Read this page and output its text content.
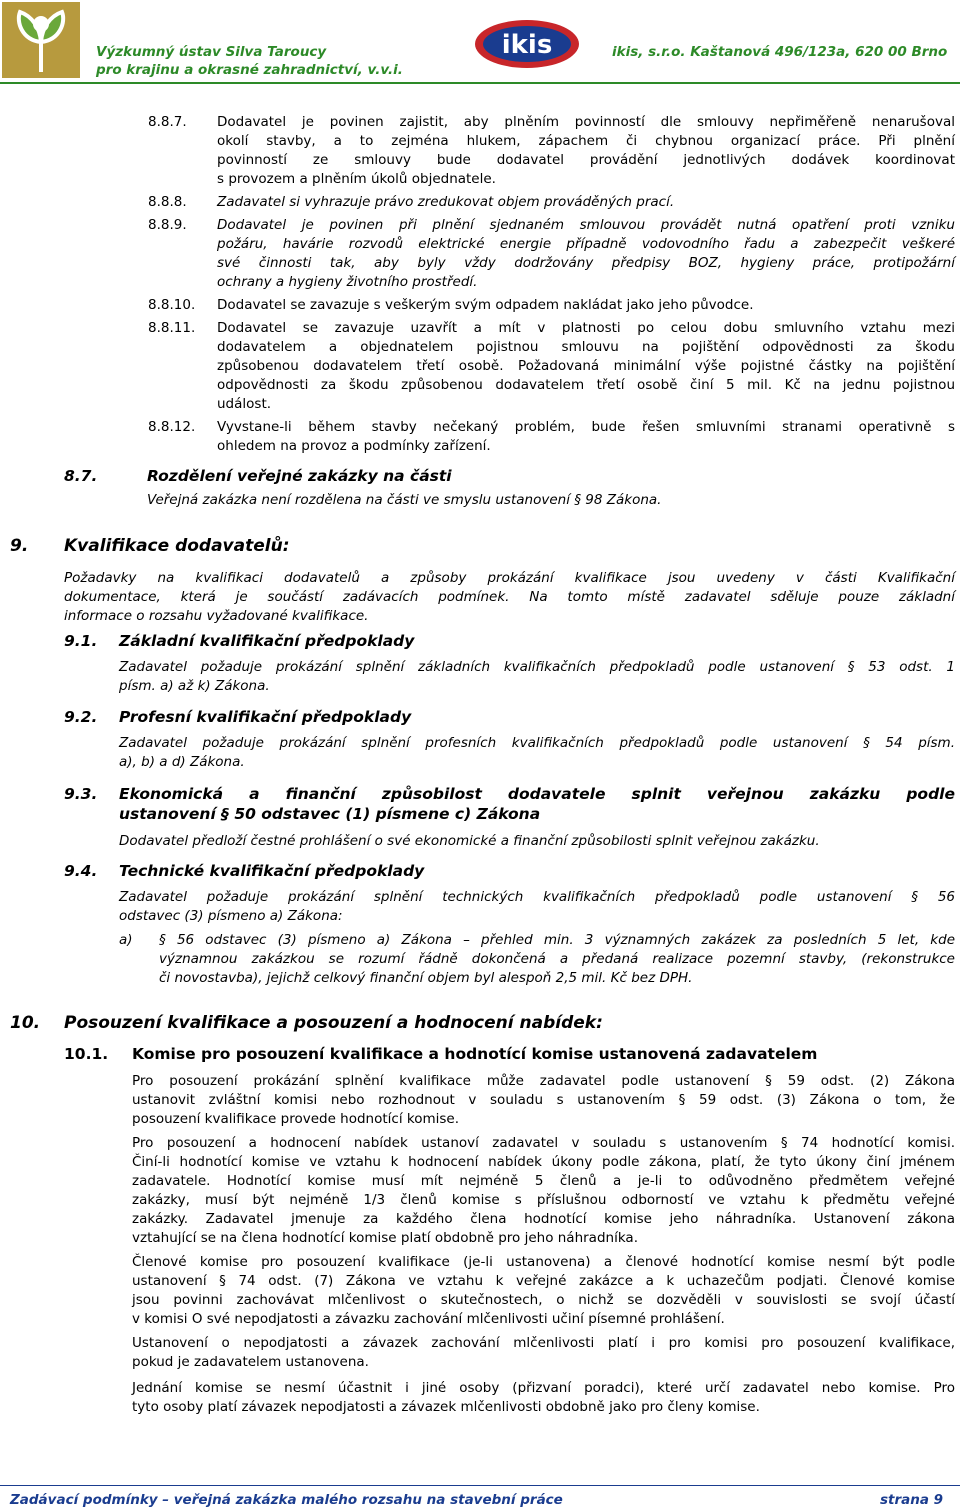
Výzkumný ústav Silva Taroucy
pro krajinu a okrasné zahradnictví, v.v.i.
ikis	ikis, s.r.o. Kaštanová 496/123a, 620 00 Brno
8.8.7. Dodavatel je povinen zajistit, aby plněním povinností dle smlouvy nepřiměřeně nenarušoval
okolí stavby, a to zejména hlukem, zápachem či chybnou organizací práce. Při plnění
povinností ze smlouvy bude dodavatel provádění jednotlivých dodávek koordinovat
s provozem a plněním úkolů objednatele.
8.8.8. Zadavatel si vyhrazuje právo zredukovat objem prováděných prací.
8.8.9. Dodavatel je povinen při plnění sjednaném smlouvou provádět nutná opatření proti vzniku
požáru, havárie rozvodů elektrické energie případně vodovodního řadu a zabezpečit veškeré
své činnosti tak, aby byly vždy dodržovány předpisy BOZ, hygieny práce, protipožární
ochrany a hygieny životního prostředí.
8.8.10. Dodavatel se zavazuje s veškerým svým odpadem nakládat jako jeho původce.
8.8.11. Dodavatel se zavazuje uzavřít a mít v platnosti po celou dobu smluvního vztahu mezi
dodavatelem a objednatelem pojistnou smlouvu na pojištění odpovědnosti za škodu
způsobenou dodavatelem třetí osobě. Požadovaná minimální výše pojistné částky na pojištění
odpovědnosti za škodu způsobenou dodavatelem třetí osobě činí 5 mil. Kč na jednu pojistnou
událost.
8.8.12. Vyvstane-li během stavby nečekaný problém, bude řešen smluvními stranami operativně s
ohledem na provoz a podmínky zařízení.
8.7.	Rozdělení veřejné zakázky na části
Veřejná zakázka není rozdělena na části ve smyslu ustanovení § 98 Zákona.
9. Kvalifikace dodavatelů:
Požadavky na kvalifikaci dodavatelů a způsoby prokázání kvalifikace jsou uvedeny v části Kvalifikační
dokumentace, která je součástí zadávacích podmínek. Na tomto místě zadavatel sděluje pouze základní
informace o rozsahu vyžadované kvalifikace.
9.1. Základní kvalifikační předpoklady
Zadavatel požaduje prokázání splnění základních kvalifikačních předpokladů podle ustanovení § 53 odst. 1
písm. a) až k) Zákona.
9.2. Profesní kvalifikační předpoklady
Zadavatel požaduje prokázání splnění profesních kvalifikačních předpokladů podle ustanovení § 54 písm.
a), b) a d) Zákona.
9.3. Ekonomická a finanční způsobilost dodavatele splnit veřejnou zakázku podle
ustanovení § 50 odstavec (1) písmene c) Zákona
Dodavatel předloží čestné prohlášení o své ekonomické a finanční způsobilosti splnit veřejnou zakázku.
9.4. Technické kvalifikační předpoklady
Zadavatel požaduje prokázání splnění technických kvalifikačních předpokladů podle ustanovení § 56
odstavec (3) písmeno a) Zákona:
a) § 56 odstavec (3) písmeno a) Zákona – přehled min. 3 významných zakázek za posledních 5 let, kde
významnou zakázkou se rozumí řádně dokončená a předaná realizace pozemní stavby, (rekonstrukce
či novostavba), jejichž celkový finanční objem byl alespoň 2,5 mil. Kč bez DPH.
10. Posouzení kvalifikace a posouzení a hodnocení nabídek:
10.1. Komise pro posouzení kvalifikace a hodnotící komise ustanovená zadavatelem
Pro posouzení prokázání splnění kvalifikace může zadavatel podle ustanovení § 59 odst. (2) Zákona
ustanovit zvláštní komisi nebo rozhodnout v souladu s ustanovením § 59 odst. (3) Zákona o tom, že
posouzení kvalifikace provede hodnotící komise.
Pro posouzení a hodnocení nabídek ustanoví zadavatel v souladu s ustanovením § 74 hodnotící komisi.
Činí-li hodnotící komise ve vztahu k hodnocení nabídek úkony podle zákona, platí, že tyto úkony činí jménem
zadavatele. Hodnotící komise musí mít nejméně 5 členů a je-li to odůvodněno předmětem veřejné
zakázky, musí být nejméně 1/3 členů komise s příslušnou odborností ve vztahu k předmětu veřejné
zakázky. Zadavatel jmenuje za každého člena hodnotící komise jeho náhradníka. Ustanovení zákona
vztahující se na člena hodnotící komise platí obdobně pro jeho náhradníka.
Členové komise pro posouzení kvalifikace (je-li ustanovena) a členové hodnotící komise nesmí být podle
ustanovení § 74 odst. (7) Zákona ve vztahu k veřejné zakázce a k uchazečům podjati. Členové komise
jsou povinni zachovávat mlčenlivost o skutečnostech, o nichž se dozvěděli v souvislosti se svojí účastí
v komisi O své nepodjatosti a závazku zachování mlčenlivosti učiní písemné prohlášení.
Ustanovení o nepodjatosti a závazek zachování mlčenlivosti platí i pro komisi pro posouzení kvalifikace,
pokud je zadavatelem ustanovena.
Jednání komise se nesmí účastnit i jiné osoby (přizvaní poradci), které určí zadavatel nebo komise. Pro
tyto osoby platí závazek nepodjatosti a závazek mlčenlivosti obdobně jako pro členy komise.
Zadávací podmínky – veřejná zakázka malého rozsahu na stavební práce	strana 9
